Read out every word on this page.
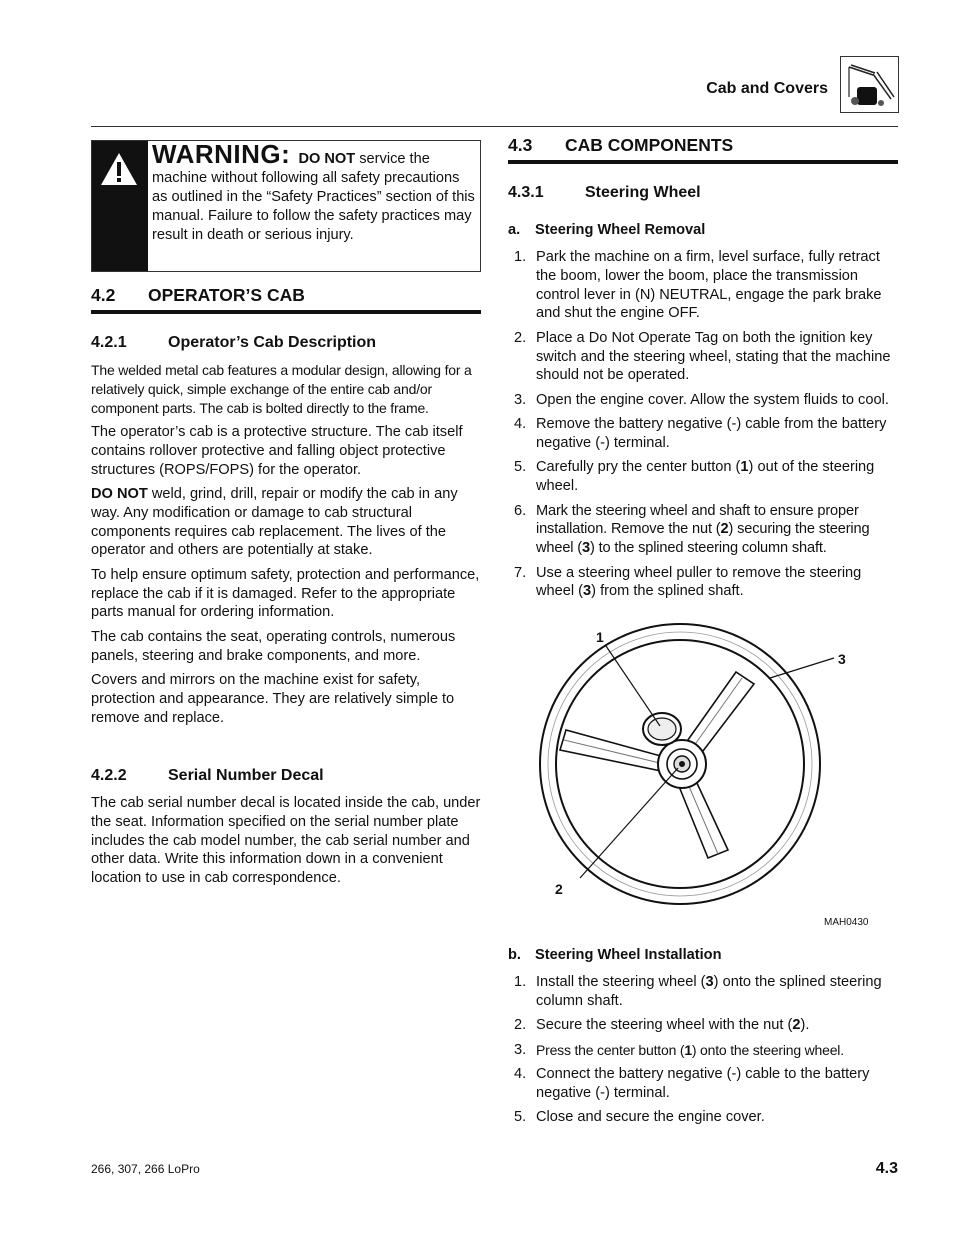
Cab and Covers
WARNING: DO NOT service the machine without following all safety precautions as outlined in the “Safety Practices” section of this manual. Failure to follow the safety practices may result in death or serious injury.
4.2 OPERATOR’S CAB
4.2.1	Operator’s Cab Description

The welded metal cab features a modular design, allowing for a relatively quick, simple exchange of the entire cab and/or component parts. The cab is bolted directly to the frame.

The operator’s cab is a protective structure. The cab itself contains rollover protective and falling object protective structures (ROPS/FOPS) for the operator.

DO NOT weld, grind, drill, repair or modify the cab in any way. Any modification or damage to cab structural components requires cab replacement. The lives of the operator and others are potentially at stake.

To help ensure optimum safety, protection and performance, replace the cab if it is damaged. Refer to the appropriate parts manual for ordering information.

The cab contains the seat, operating controls, numerous panels, steering and brake components, and more.

Covers and mirrors on the machine exist for safety, protection and appearance. They are relatively simple to remove and replace.

4.2.2	Serial Number Decal

The cab serial number decal is located inside the cab, under the seat. Information specified on the serial number plate includes the cab model number, the cab serial number and other data. Write this information down in a convenient location to use in cab correspondence.

4.3 CAB COMPONENTS
4.3.1	Steering Wheel
a. Steering Wheel Removal
1. Park the machine on a firm, level surface, fully retract the boom, lower the boom, place the transmission control lever in (N) NEUTRAL, engage the park brake and shut the engine OFF.
2. Place a Do Not Operate Tag on both the ignition key switch and the steering wheel, stating that the machine should not be operated.
3. Open the engine cover. Allow the system fluids to cool.
4. Remove the battery negative (-) cable from the battery negative (-) terminal.
5. Carefully pry the center button (1) out of the steering wheel.
6. Mark the steering wheel and shaft to ensure proper installation. Remove the nut (2) securing the steering wheel (3) to the splined steering column shaft.
7. Use a steering wheel puller to remove the steering wheel (3) from the splined shaft.
1
2
3
MAH0430
b. Steering Wheel Installation
1. Install the steering wheel (3) onto the splined steering column shaft.
2. Secure the steering wheel with the nut (2).
3. Press the center button (1) onto the steering wheel.
4. Connect the battery negative (-) cable to the battery negative (-) terminal.
5. Close and secure the engine cover.
266, 307, 266 LoPro	4.3
